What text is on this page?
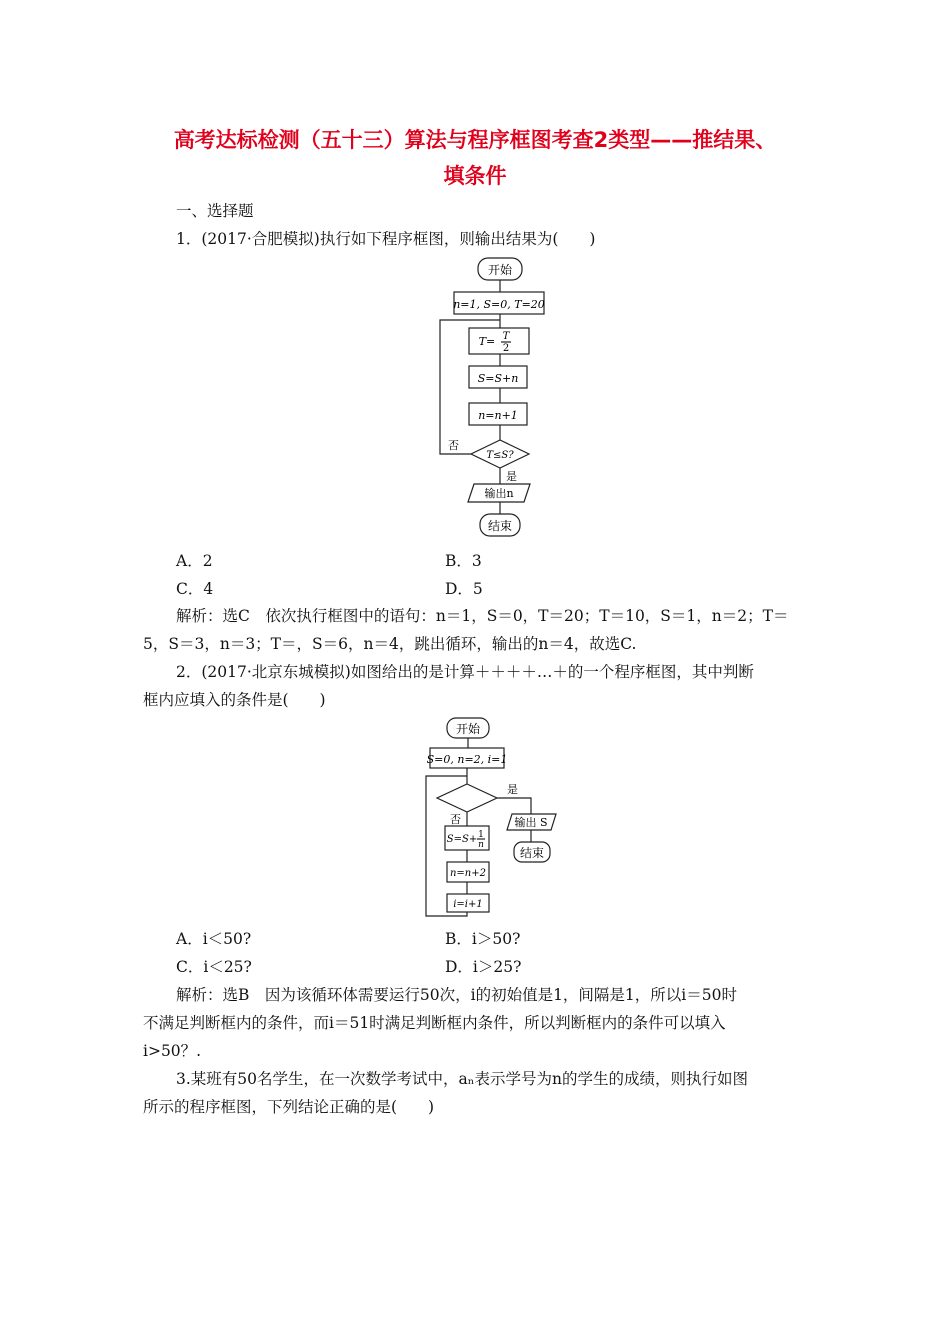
高考达标检测（五十三）算法与程序框图考查2类型——推结果、
填条件
一、选择题
1．(2017·合肥模拟)执行如下程序框图，则输出结果为(　　)
开始
n=1, S=0, T=20
T= T
2
S=S+n
n=n+1
T≤S?
否
是
输出n
结束
A．2	B．3
C．4	D．5
解析：选C　依次执行框图中的语句：n＝1，S＝0，T＝20；T＝10，S＝1，n＝2；T＝
5，S＝3，n＝3；T＝，S＝6，n＝4，跳出循环，输出的n＝4，故选C.
2．(2017·北京东城模拟)如图给出的是计算＋＋＋＋…＋的一个程序框图，其中判断
框内应填入的条件是(　　)
开始
S=0, n=2, i=1
是
输出 S
结束
否
S=S+ 1
n
n=n+2
i=i+1
A．i＜50?	B．i＞50?
C．i＜25?	D．i＞25?
解析：选B　因为该循环体需要运行50次，i的初始值是1，间隔是1，所以i＝50时
不满足判断框内的条件，而i＝51时满足判断框内条件，所以判断框内的条件可以填入
i>50？.
3.某班有50名学生，在一次数学考试中，aₙ表示学号为n的学生的成绩，则执行如图
所示的程序框图，下列结论正确的是(　　)
